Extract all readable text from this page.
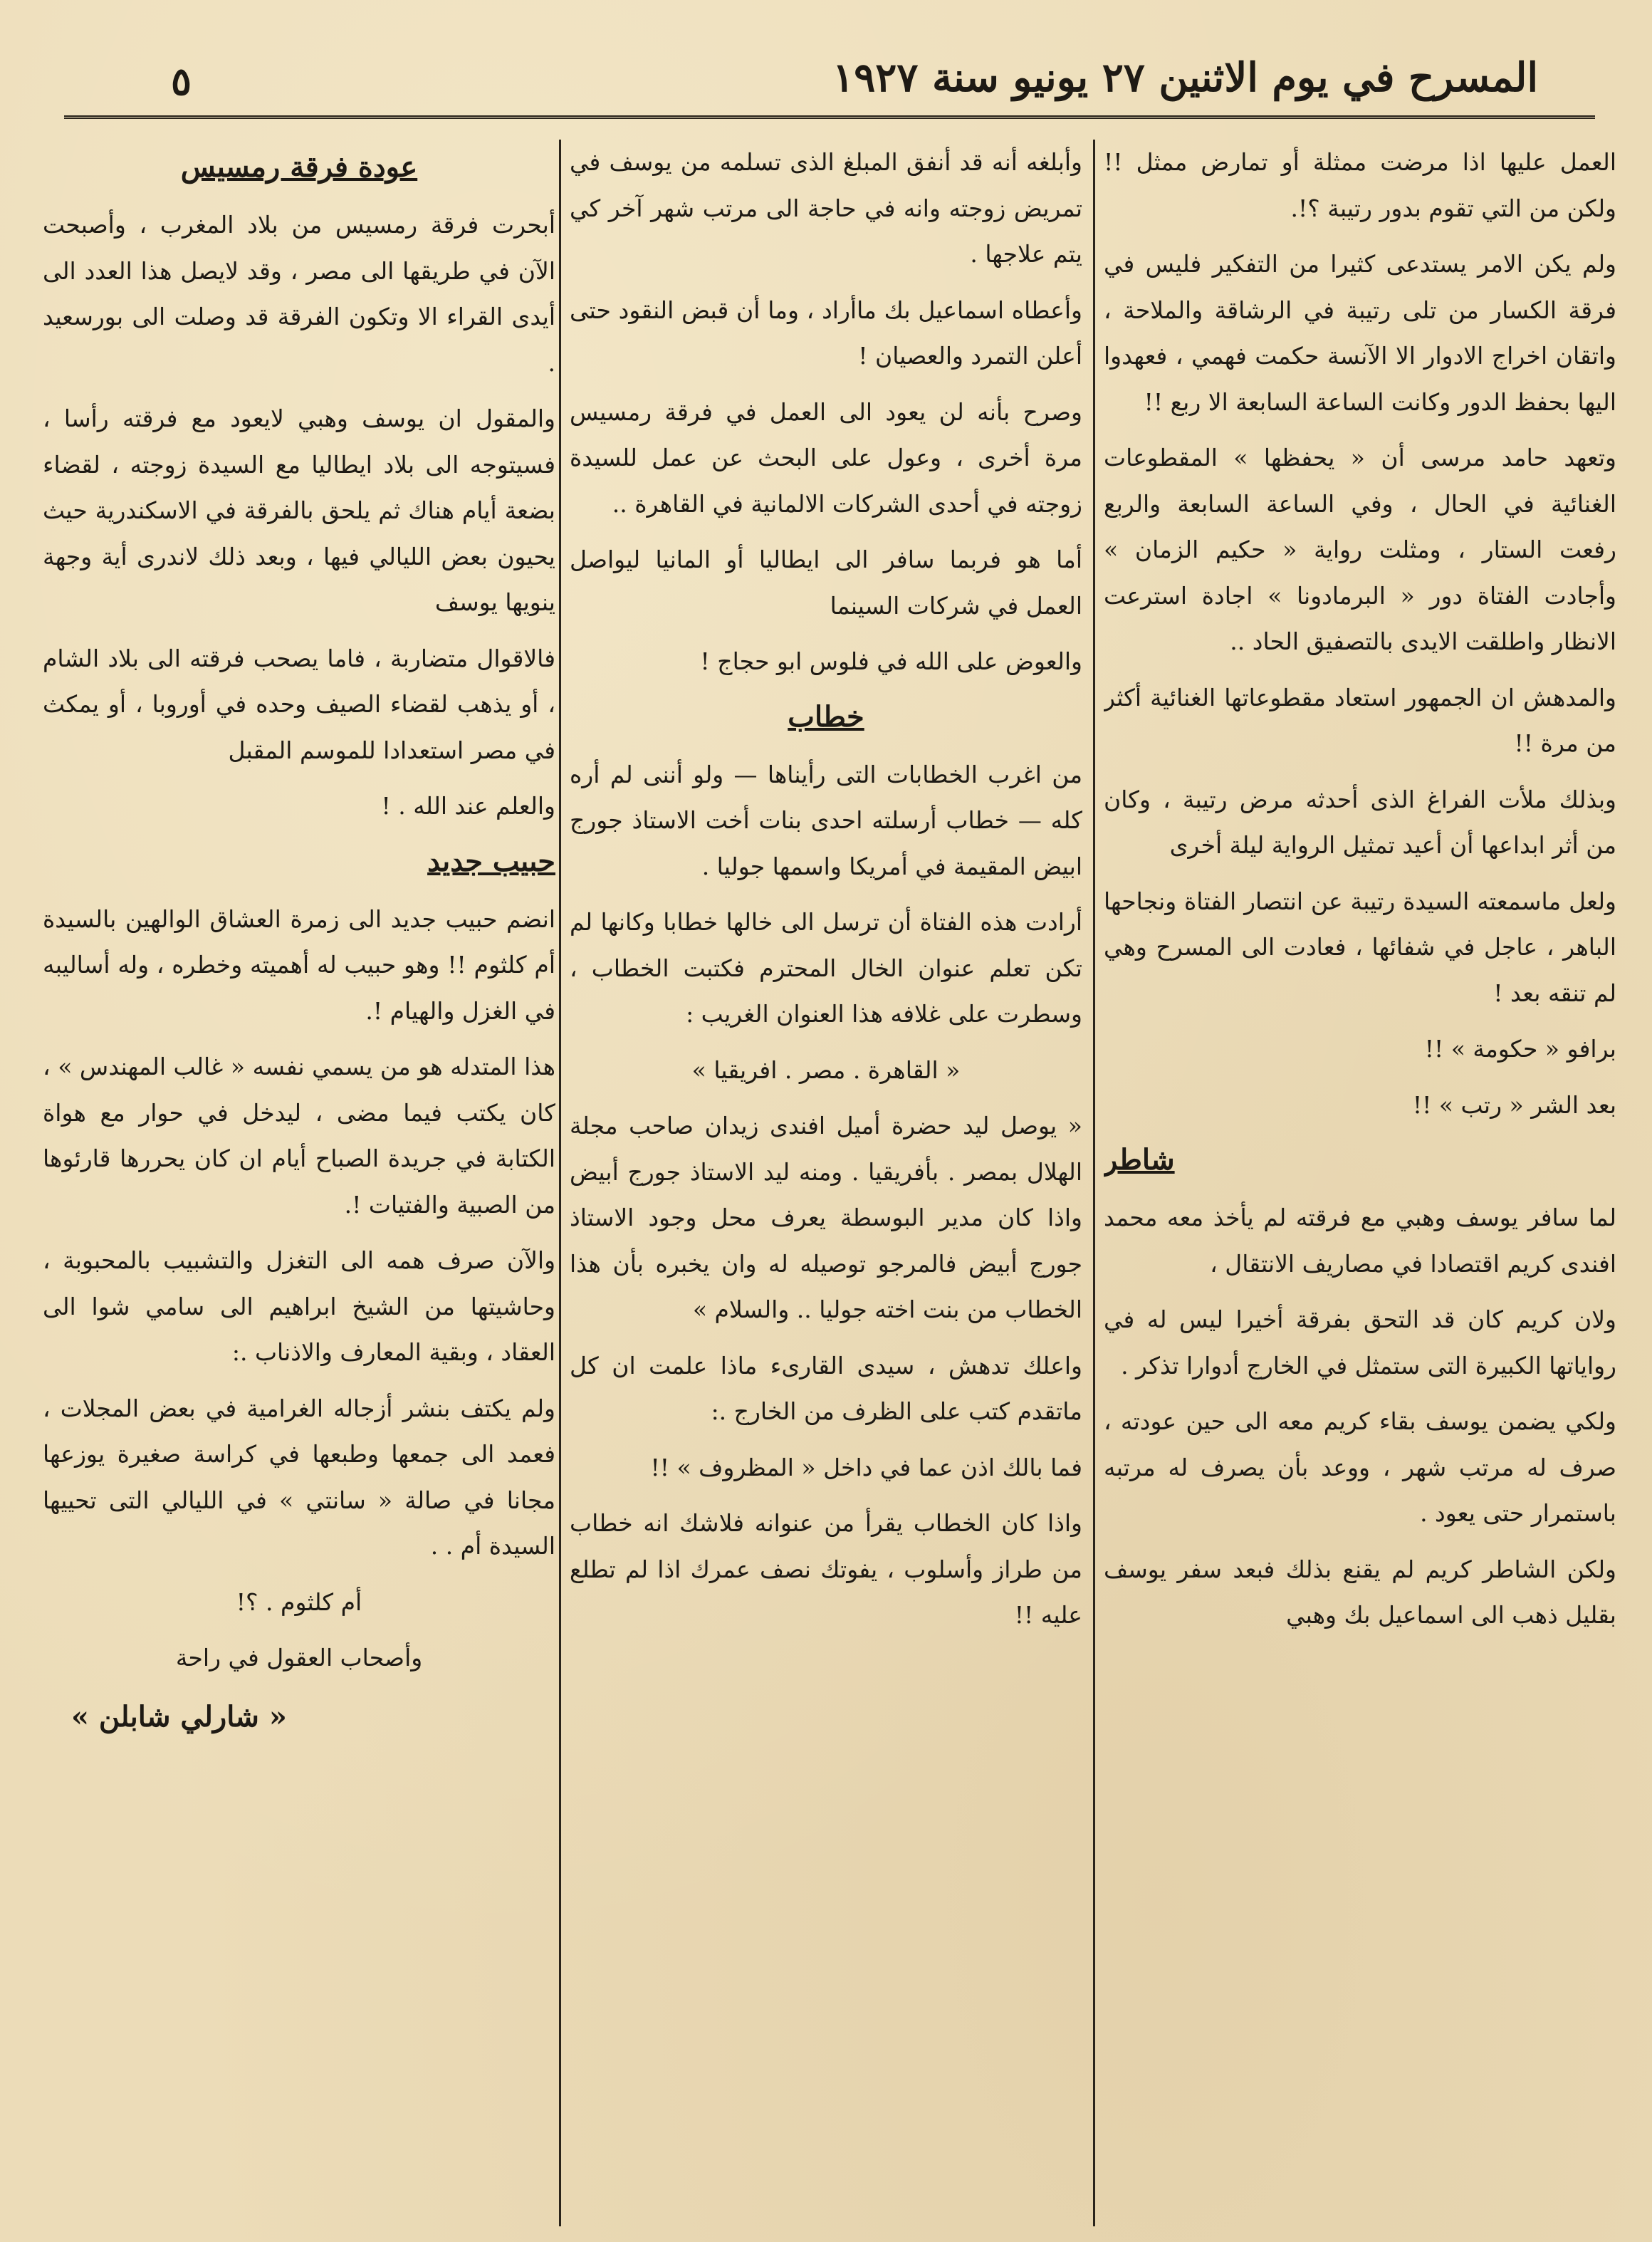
٥	المسرح في يوم الاثنين ٢٧ يونيو سنة ١٩٢٧

العمل عليها اذا مرضت ممثلة أو تمارض ممثل !! ولكن من التي تقوم بدور رتيبة ؟!.

ولم يكن الامر يستدعى كثيرا من التفكير فليس في فرقة الكسار من تلى رتيبة في الرشاقة والملاحة ، واتقان اخراج الادوار الا الآنسة حكمت فهمي ، فعهدوا اليها بحفظ الدور وكانت الساعة السابعة الا ربع !!

وتعهد حامد مرسى أن « يحفظها » المقطوعات الغنائية في الحال ، وفي الساعة السابعة والربع رفعت الستار ، ومثلت رواية « حكيم الزمان » وأجادت الفتاة دور « البرمادونا » اجادة استرعت الانظار واطلقت الايدى بالتصفيق الحاد ..

والمدهش ان الجمهور استعاد مقطوعاتها الغنائية أكثر من مرة !!

وبذلك ملأت الفراغ الذى أحدثه مرض رتيبة ، وكان من أثر ابداعها أن أعيد تمثيل الرواية ليلة أخرى

ولعل ماسمعته السيدة رتيبة عن انتصار الفتاة ونجاحها الباهر ، عاجل في شفائها ، فعادت الى المسرح وهي لم تنقه بعد !

برافو « حكومة » !!

بعد الشر « رتب » !!

شاطر

لما سافر يوسف وهبي مع فرقته لم يأخذ معه محمد افندى كريم اقتصادا في مصاريف الانتقال ،

ولان كريم كان قد التحق بفرقة أخيرا ليس له في رواياتها الكبيرة التى ستمثل في الخارج أدوارا تذكر .

ولكي يضمن يوسف بقاء كريم معه الى حين عودته ، صرف له مرتب شهر ، ووعد بأن يصرف له مرتبه باستمرار حتى يعود .

ولكن الشاطر كريم لم يقنع بذلك فبعد سفر يوسف بقليل ذهب الى اسماعيل بك وهبي

وأبلغه أنه قد أنفق المبلغ الذى تسلمه من يوسف في تمريض زوجته وانه في حاجة الى مرتب شهر آخر كي يتم علاجها .

وأعطاه اسماعيل بك ماأراد ، وما أن قبض النقود حتى أعلن التمرد والعصيان !

وصرح بأنه لن يعود الى العمل في فرقة رمسيس مرة أخرى ، وعول على البحث عن عمل للسيدة زوجته في أحدى الشركات الالمانية في القاهرة ..

أما هو فربما سافر الى ايطاليا أو المانيا ليواصل العمل في شركات السينما

والعوض على الله في فلوس ابو حجاج !

خطاب

من اغرب الخطابات التى رأيناها — ولو أننى لم أره كله — خطاب أرسلته احدى بنات أخت الاستاذ جورج ابيض المقيمة في أمريكا واسمها جوليا .

أرادت هذه الفتاة أن ترسل الى خالها خطابا وكانها لم تكن تعلم عنوان الخال المحترم فكتبت الخطاب ، وسطرت على غلافه هذا العنوان الغريب :

« القاهرة . مصر . افريقيا »

« يوصل ليد حضرة أميل افندى زيدان صاحب مجلة الهلال بمصر . بأفريقيا . ومنه ليد الاستاذ جورج أبيض واذا كان مدير البوسطة يعرف محل وجود الاستاذ جورج أبيض فالمرجو توصيله له وان يخبره بأن هذا الخطاب من بنت اخته جوليا .. والسلام »

واعلك تدهش ، سيدى القارىء ماذا علمت ان كل ماتقدم كتب على الظرف من الخارج .:

فما بالك اذن عما في داخل « المظروف » !!

واذا كان الخطاب يقرأ من عنوانه فلاشك انه خطاب من طراز وأسلوب ، يفوتك نصف عمرك اذا لم تطلع عليه !!

عودة فرقة رمسيس

أبحرت فرقة رمسيس من بلاد المغرب ، وأصبحت الآن في طريقها الى مصر ، وقد لايصل هذا العدد الى أيدى القراء الا وتكون الفرقة قد وصلت الى بورسعيد .

والمقول ان يوسف وهبي لايعود مع فرقته رأسا ، فسيتوجه الى بلاد ايطاليا مع السيدة زوجته ، لقضاء بضعة أيام هناك ثم يلحق بالفرقة في الاسكندرية حيث يحيون بعض الليالي فيها ، وبعد ذلك لاندرى أية وجهة ينويها يوسف

فالاقوال متضاربة ، فاما يصحب فرقته الى بلاد الشام ، أو يذهب لقضاء الصيف وحده في أوروبا ، أو يمكث في مصر استعدادا للموسم المقبل

والعلم عند الله . !

حبيب جديد

انضم حبيب جديد الى زمرة العشاق الوالهين بالسيدة أم كلثوم !! وهو حبيب له أهميته وخطره ، وله أساليبه في الغزل والهيام !.

هذا المتدله هو من يسمي نفسه « غالب المهندس » ، كان يكتب فيما مضى ، ليدخل في حوار مع هواة الكتابة في جريدة الصباح أيام ان كان يحررها قارئوها من الصبية والفتيات !.

والآن صرف همه الى التغزل والتشبيب بالمحبوبة ، وحاشيتها من الشيخ ابراهيم الى سامي شوا الى العقاد ، وبقية المعارف والاذناب .:

ولم يكتف بنشر أزجاله الغرامية في بعض المجلات ، فعمد الى جمعها وطبعها في كراسة صغيرة يوزعها مجانا في صالة « سانتي » في الليالي التى تحييها السيدة أم . .

أم كلثوم . ؟!

وأصحاب العقول في راحة

« شارلي شابلن »
